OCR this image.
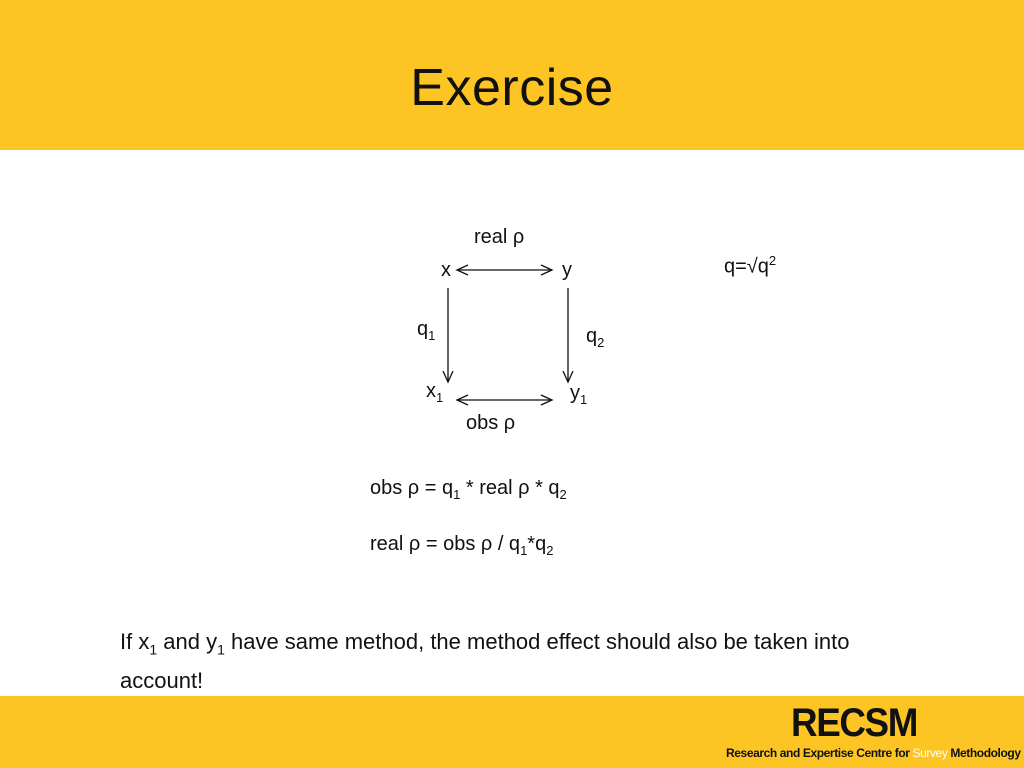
Exercise
real ρ
x	y
$q_1$	$q_2$
$x_1$	$y_1$
obs ρ
$q=√q^2$
obs $\rho = q_1$ * real ρ * $q_2$
real ρ = obs ρ / $q_1*q_2$
If $x_1$ and $y_1$ have same method, the method effect should also be taken into account!
RECSM
Research and Expertise Centre for Survey Methodology
